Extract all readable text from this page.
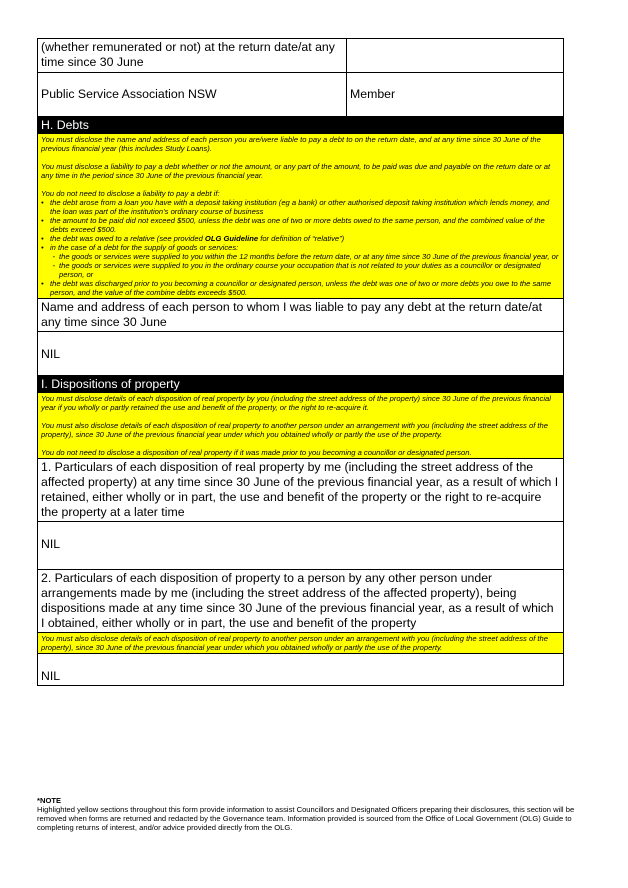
(whether remunerated or not) at the return date/at any time since 30 June
Public Service Association NSW	Member
H. Debts

You must disclose the name and address of each person you are/were liable to pay a debt to on the return date, and at any time since 30 June of the previous financial year (this includes Study Loans).

You must disclose a liability to pay a debt whether or not the amount, or any part of the amount, to be paid was due and payable on the return date or at any time in the period since 30 June of the previous financial year.

You do not need to disclose a liability to pay a debt if:

• the debt arose from a loan you have with a deposit taking institution (eg a bank) or other authorised deposit taking institution which lends money, and the loan was part of the institution’s ordinary course of business
• the amount to be paid did not exceed $500, unless the debt was one of two or more debts owed to the same person, and the combined value of the debts exceed $500.
• the debt was owed to a relative (see provided OLG Guideline for definition of “relative”)
• in the case of a debt for the supply of goods or services:
- the goods or services were supplied to you within the 12 months before the return date, or at any time since 30 June of the previous financial year, or
- the goods or services were supplied to you in the ordinary course your occupation that is not related to your duties as a councillor or designated person, or
• the debt was discharged prior to you becoming a councillor or designated person, unless the debt was one of two or more debts you owe to the same person, and the value of the combine debts exceeds $500.
Name and address of each person to whom I was liable to pay any debt at the return date/at any time since 30 June
NIL
I. Dispositions of property

You must disclose details of each disposition of real property by you (including the street address of the property) since 30 June of the previous financial year if you wholly or partly retained the use and benefit of the property, or the right to re-acquire it.

You must also disclose details of each disposition of real property to another person under an arrangement with you (including the street address of the property), since 30 June of the previous financial year under which you obtained wholly or partly the use of the property.

You do not need to disclose a disposition of real property if it was made prior to you becoming a councillor or designated person.

1. Particulars of each disposition of real property by me (including the street address of the affected property) at any time since 30 June of the previous financial year, as a result of which I retained, either wholly or in part, the use and benefit of the property or the right to re-acquire the property at a later time
NIL
2. Particulars of each disposition of property to a person by any other person under arrangements made by me (including the street address of the affected property), being dispositions made at any time since 30 June of the previous financial year, as a result of which I obtained, either wholly or in part, the use and benefit of the property
You must also disclose details of each disposition of real property to another person under an arrangement with you (including the street address of the property), since 30 June of the previous financial year under which you obtained wholly or partly the use of the property.
NIL
*NOTE
Highlighted yellow sections throughout this form provide information to assist Councillors and Designated Officers preparing their disclosures, this section will be removed when forms are returned and redacted by the Governance team. Information provided is sourced from the Office of Local Government (OLG) Guide to completing returns of interest, and/or advice provided directly from the OLG.
